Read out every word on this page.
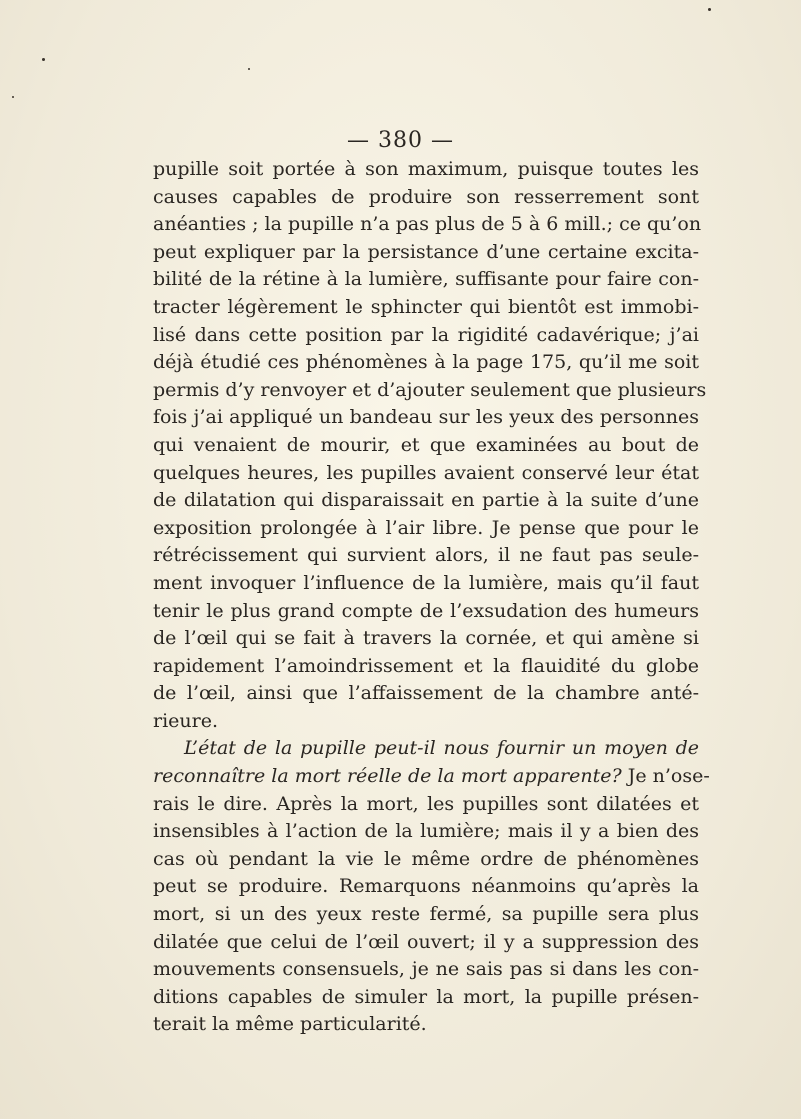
— 380 —
pupille soit portée à son maximum, puisque toutes les
causes capables de produire son resserrement sont
anéanties ; la pupille n’a pas plus de 5 à 6 mill.; ce qu’on
peut expliquer par la persistance d’une certaine excita-
bilité de la rétine à la lumière, suffisante pour faire con-
tracter légèrement le sphincter qui bientôt est immobi-
lisé dans cette position par la rigidité cadavérique; j’ai
déjà étudié ces phénomènes à la page 175, qu’il me soit
permis d’y renvoyer et d’ajouter seulement que plusieurs
fois j’ai appliqué un bandeau sur les yeux des personnes
qui venaient de mourir, et que examinées au bout de
quelques heures, les pupilles avaient conservé leur état
de dilatation qui disparaissait en partie à la suite d’une
exposition prolongée à l’air libre. Je pense que pour le
rétrécissement qui survient alors, il ne faut pas seule-
ment invoquer l’influence de la lumière, mais qu’il faut
tenir le plus grand compte de l’exsudation des humeurs
de l’œil qui se fait à travers la cornée, et qui amène si
rapidement l’amoindrissement et la flauidité du globe
de l’œil, ainsi que l’affaissement de la chambre anté-
rieure.
L’état de la pupille peut-il nous fournir un moyen de
reconnaître la mort réelle de la mort apparente? Je n’ose-
rais le dire. Après la mort, les pupilles sont dilatées et
insensibles à l’action de la lumière; mais il y a bien des
cas où pendant la vie le même ordre de phénomènes
peut se produire. Remarquons néanmoins qu’après la
mort, si un des yeux reste fermé, sa pupille sera plus
dilatée que celui de l’œil ouvert; il y a suppression des
mouvements consensuels, je ne sais pas si dans les con-
ditions capables de simuler la mort, la pupille présen-
terait la même particularité.
